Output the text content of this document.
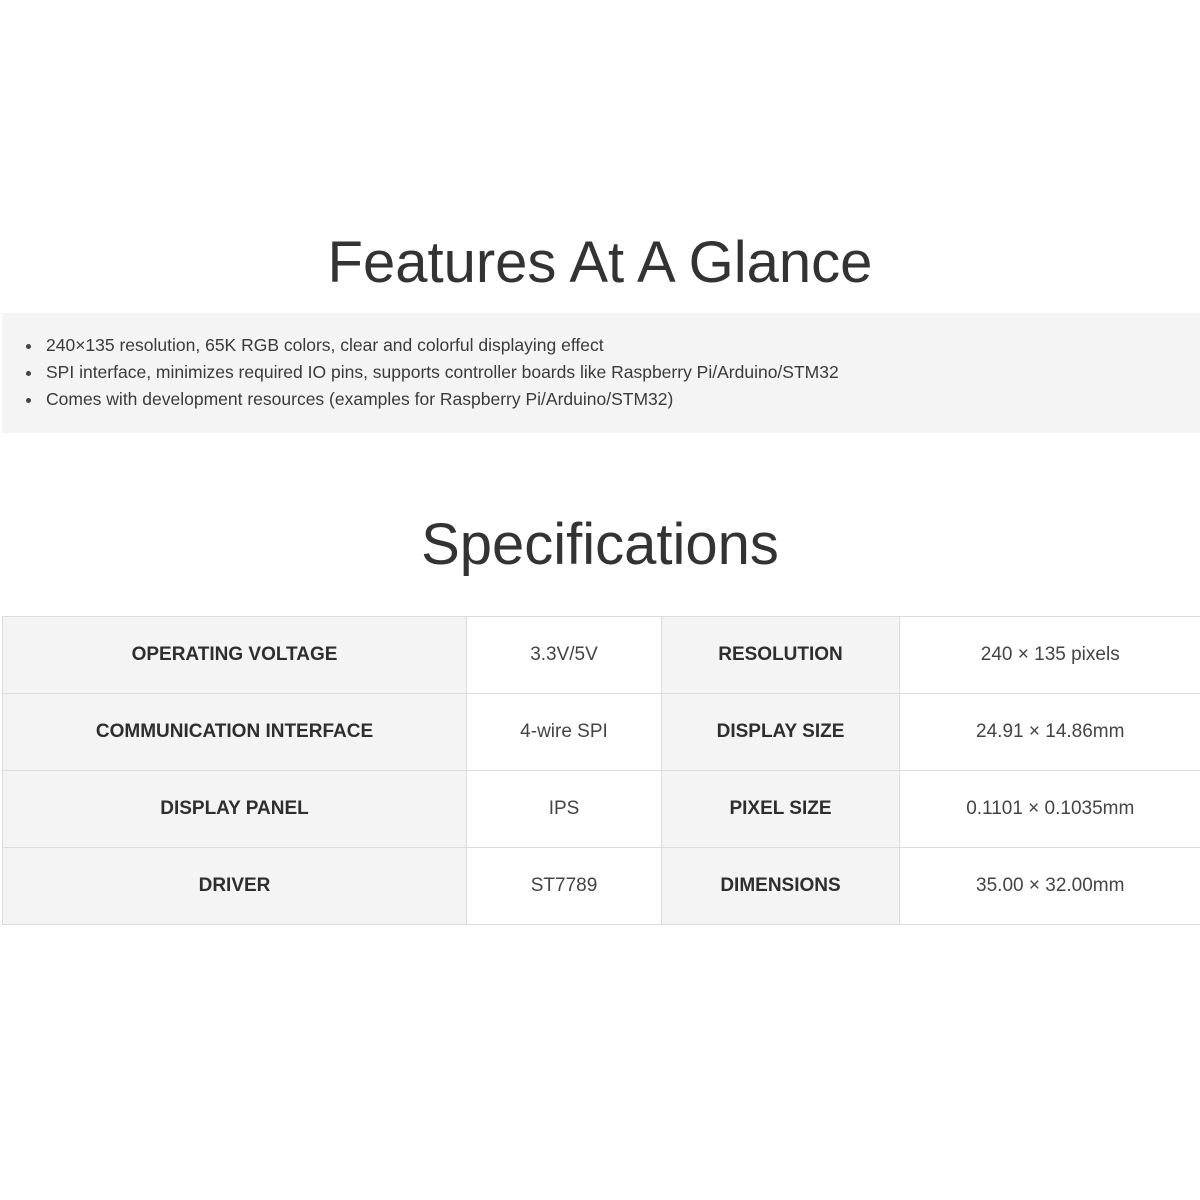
Features At A Glance
240×135 resolution, 65K RGB colors, clear and colorful displaying effect
SPI interface, minimizes required IO pins, supports controller boards like Raspberry Pi/Arduino/STM32
Comes with development resources (examples for Raspberry Pi/Arduino/STM32)
Specifications
OPERATING VOLTAGE	3.3V/5V	RESOLUTION	240 × 135 pixels
COMMUNICATION INTERFACE	4-wire SPI	DISPLAY SIZE	24.91 × 14.86mm
DISPLAY PANEL	IPS	PIXEL SIZE	0.1101 × 0.1035mm
DRIVER	ST7789	DIMENSIONS	35.00 × 32.00mm
